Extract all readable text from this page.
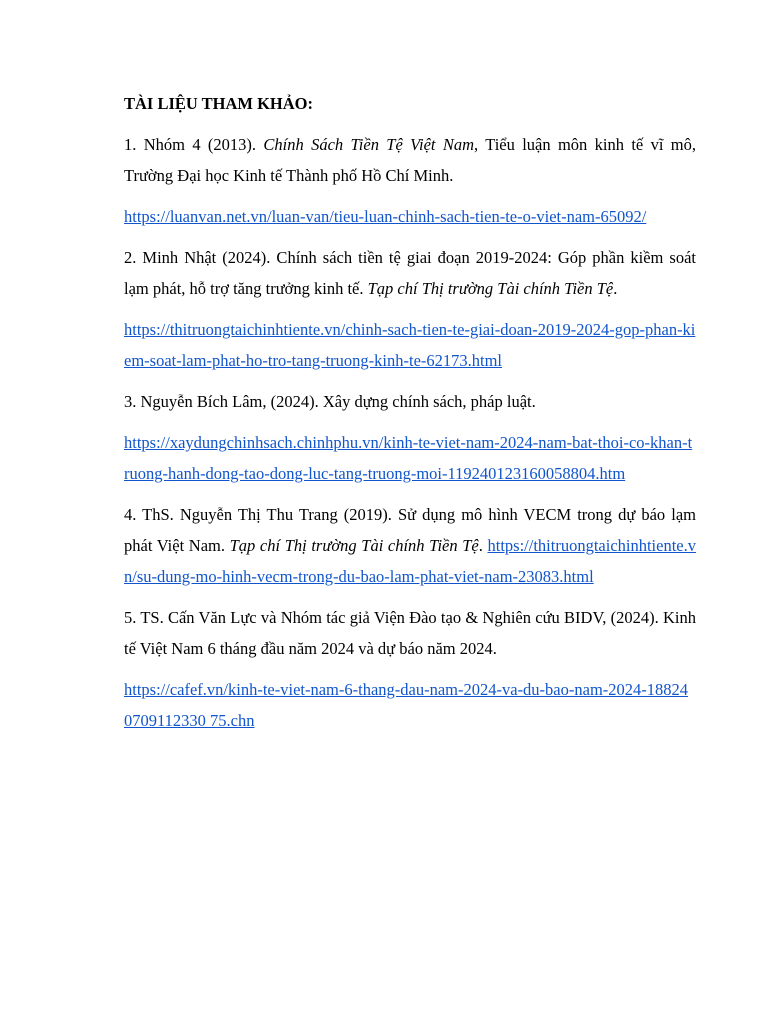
TÀI LIỆU THAM KHẢO:
1. Nhóm 4 (2013). Chính Sách Tiền Tệ Việt Nam, Tiểu luận môn kinh tế vĩ mô, Trường Đại học Kinh tế Thành phố Hồ Chí Minh.
https://luanvan.net.vn/luan-van/tieu-luan-chinh-sach-tien-te-o-viet-nam-65092/
2. Minh Nhật (2024). Chính sách tiền tệ giai đoạn 2019-2024: Góp phần kiềm soát lạm phát, hỗ trợ tăng trưởng kinh tế. Tạp chí Thị trường Tài chính Tiền Tệ.
https://thitruongtaichinhtiente.vn/chinh-sach-tien-te-giai-doan-2019-2024-gop-phan-kiem-soat-lam-phat-ho-tro-tang-truong-kinh-te-62173.html
3. Nguyễn Bích Lâm, (2024). Xây dựng chính sách, pháp luật.
https://xaydungchinhsach.chinhphu.vn/kinh-te-viet-nam-2024-nam-bat-thoi-co-khan-truong-hanh-dong-tao-dong-luc-tang-truong-moi-119240123160058804.htm
4. ThS. Nguyễn Thị Thu Trang (2019). Sử dụng mô hình VECM trong dự báo lạm phát Việt Nam. Tạp chí Thị trường Tài chính Tiền Tệ. https://thitruongtaichinhtiente.vn/su-dung-mo-hinh-vecm-trong-du-bao-lam-phat-viet-nam-23083.html
5. TS. Cấn Văn Lực và Nhóm tác giả Viện Đào tạo & Nghiên cứu BIDV, (2024). Kinh tế Việt Nam 6 tháng đầu năm 2024 và dự báo năm 2024.
https://cafef.vn/kinh-te-viet-nam-6-thang-dau-nam-2024-va-du-bao-nam-2024-188240709112330 75.chn
